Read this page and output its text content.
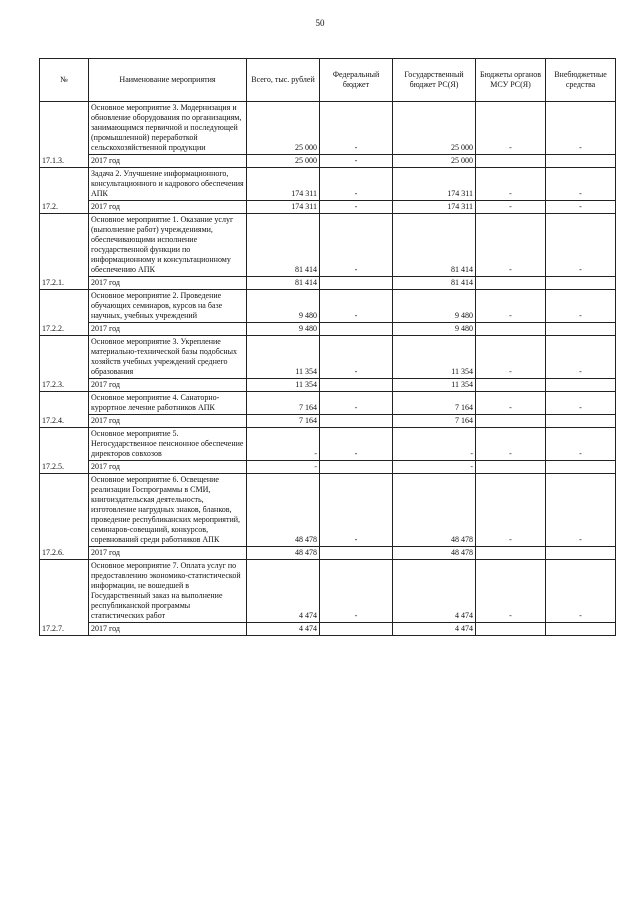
50
№	Наименование мероприятия	Всего, тыс. рублей	Федеральный бюджет	Государственный бюджет РС(Я)	Бюджеты органов МСУ РС(Я)	Внебюджетные средства
17.1.3.	Основное мероприятие 3. Модернизация и обновление оборудования по организациям, занимающимся первичной и последующей (промышленной) переработкой сельскохозяйственной продукции	25 000	-	25 000	-	-
	2017 год	25 000	-	25 000		
17.2.	Задача 2. Улучшение информационного, консультационного и кадрового обеспечения АПК	174 311	-	174 311	-	-
	2017 год	174 311	-	174 311	-	-
17.2.1.	Основное мероприятие 1. Оказание услуг (выполнение работ) учреждениями, обеспечивающими исполнение государственной функции по информационному и консультационному обеспечению АПК	81 414	-	81 414	-	-
	2017 год	81 414		81 414		
17.2.2.	Основное мероприятие 2. Проведение обучающих семинаров, курсов на базе научных, учебных учреждений	9 480	-	9 480	-	-
	2017 год	9 480		9 480		
17.2.3.	Основное мероприятие 3. Укрепление материально-технической базы подобсных хозяйств учебных учреждений среднего образования	11 354	-	11 354	-	-
	2017 год	11 354		11 354		
17.2.4.	Основное мероприятие 4. Санаторно-курортное лечение работников АПК	7 164	-	7 164	-	-
	2017 год	7 164		7 164		
17.2.5.	Основное мероприятие 5. Негосударственное пенсионное обеспечение директоров совхозов	-	-	-	-	-
	2017 год	-		-		
17.2.6.	Основное мероприятие 6. Освещение реализации Госпрограммы в СМИ, книгоиздательская деятельность, изготовление нагрудных знаков, бланков, проведение республиканских мероприятий, семинаров-совещаний, конкурсов, соревнований среди работников АПК	48 478	-	48 478	-	-
	2017 год	48 478		48 478		
17.2.7.	Основное мероприятие 7. Оплата услуг по предоставлению экономико-статистической информации, не вошедшей в Государственный заказ на выполнение республиканской программы статистических работ	4 474	-	4 474	-	-
	2017 год	4 474		4 474		
